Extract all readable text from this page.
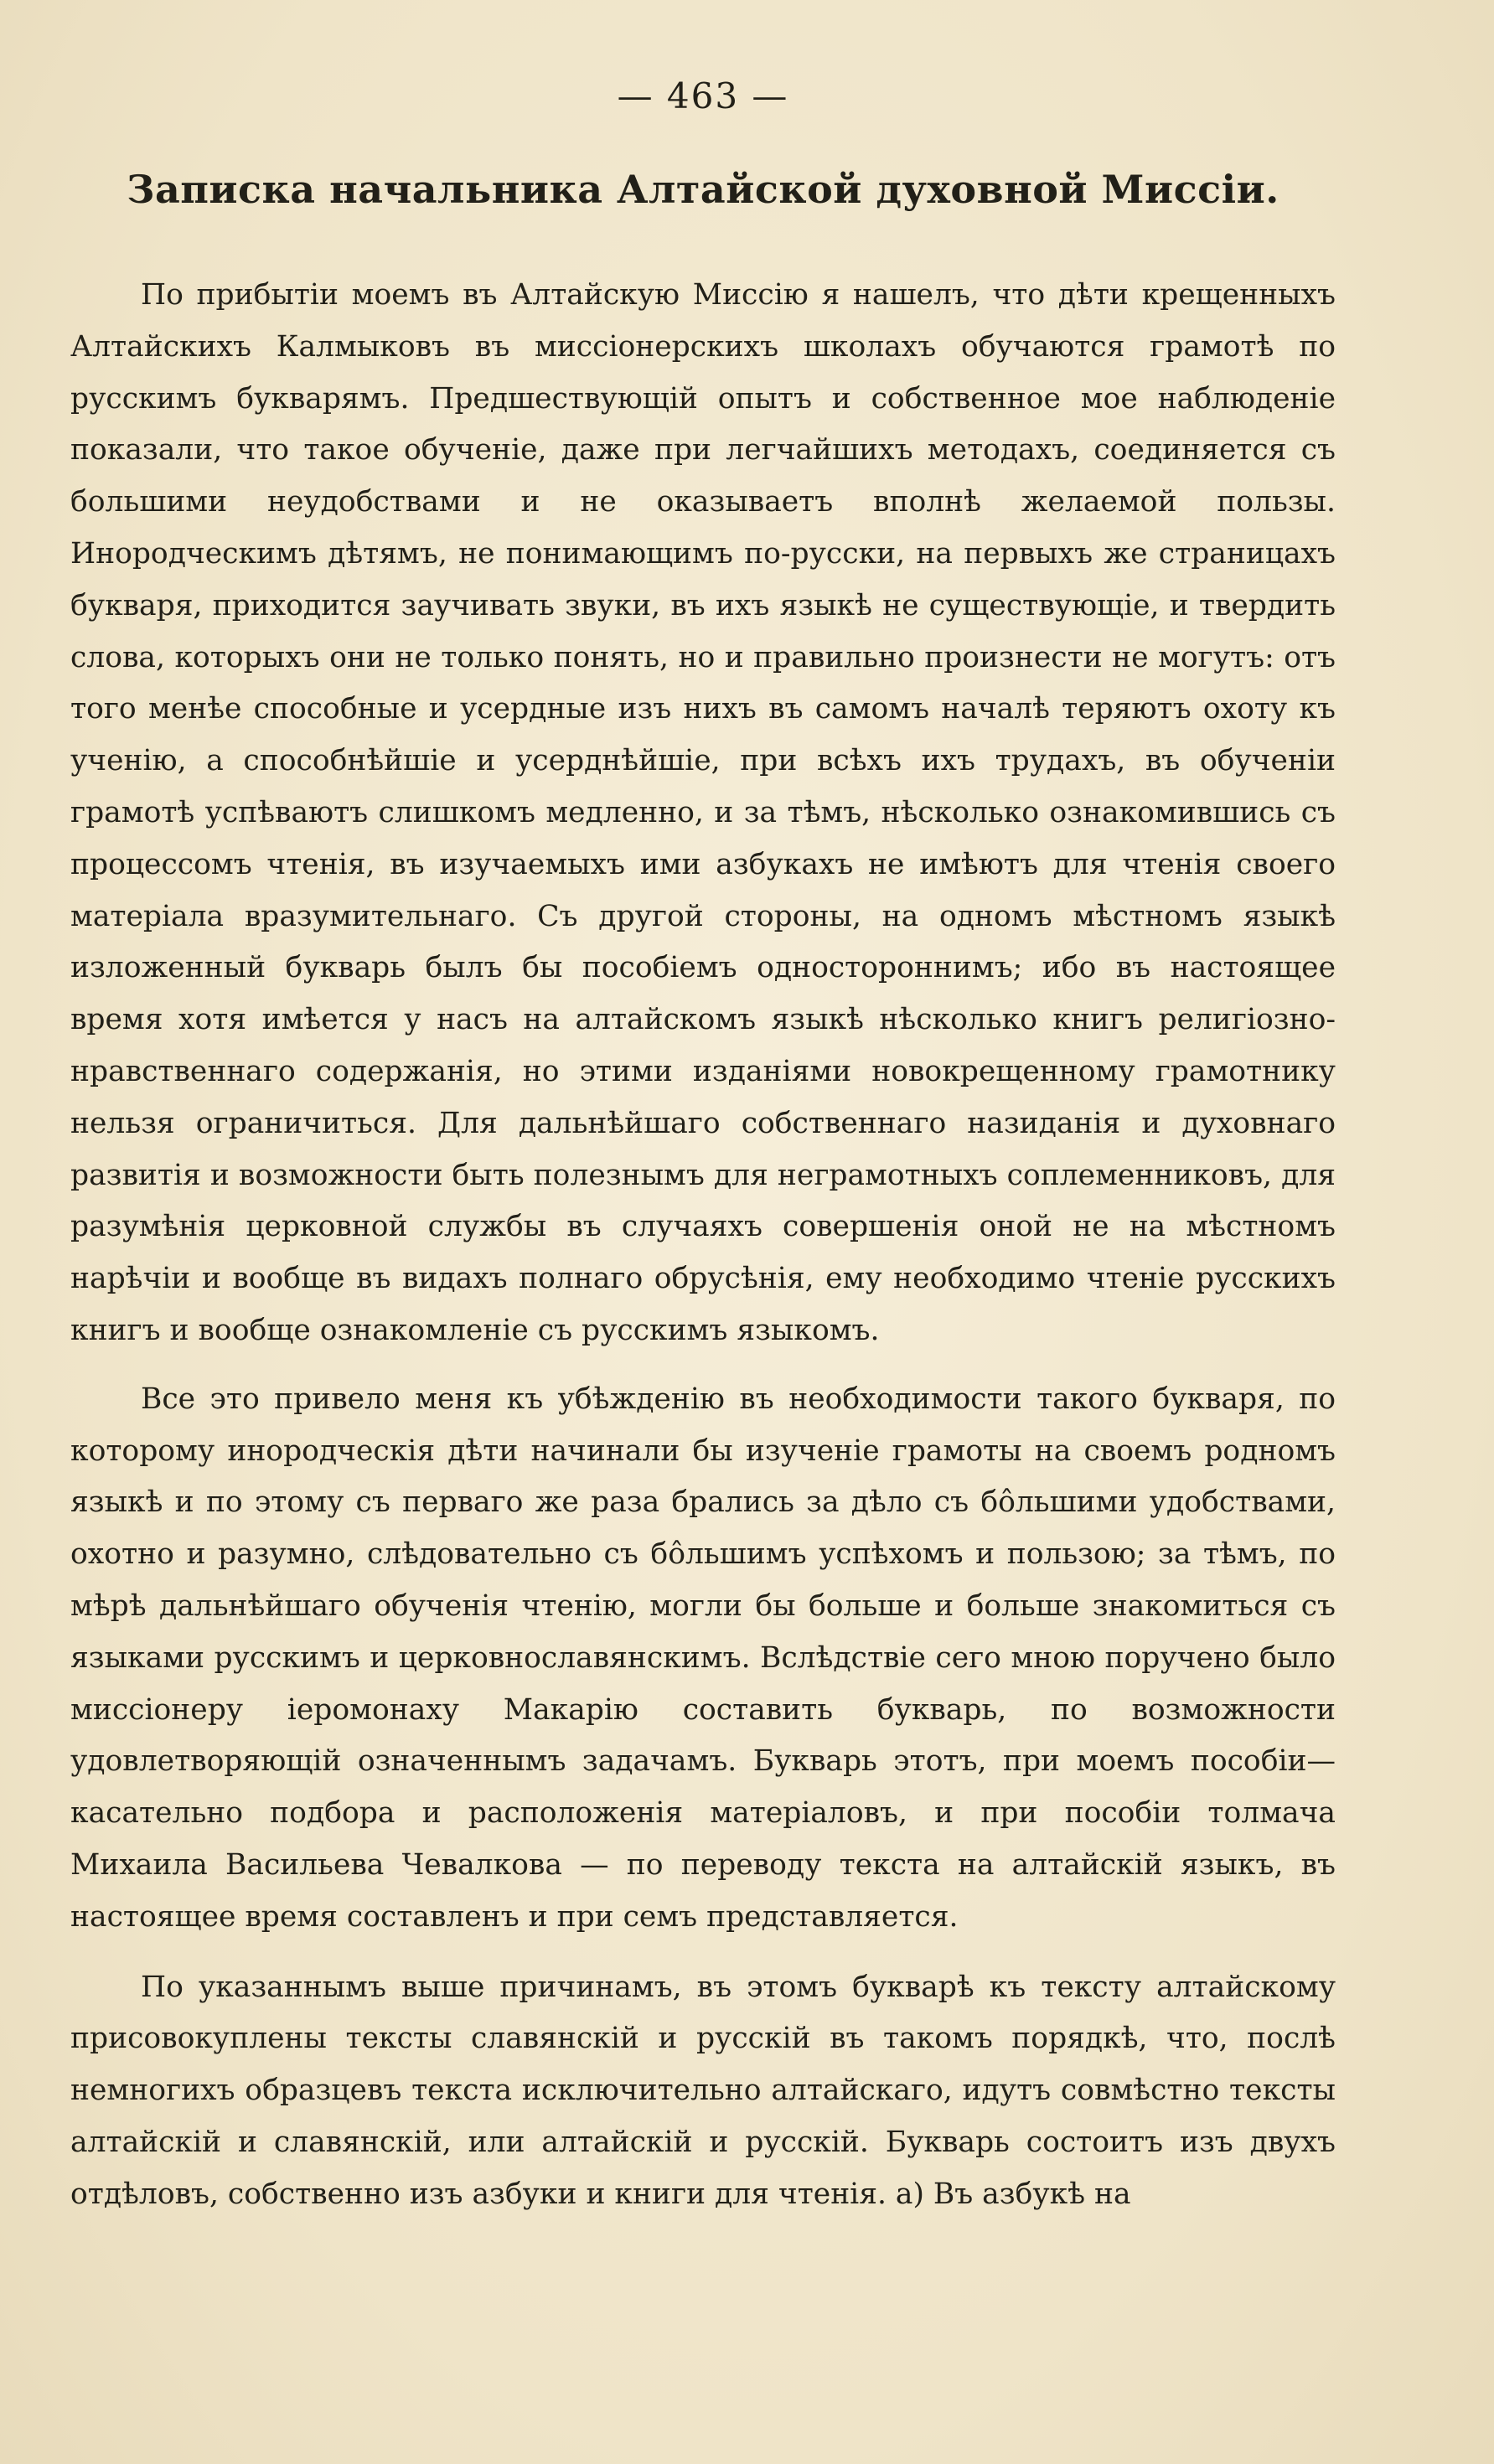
— 463 —
Записка начальника Алтайской духовной Миссіи.

По прибытіи моемъ въ Алтайскую Миссію я нашелъ, что дѣти крещенныхъ Алтайскихъ Калмыковъ въ миссіонерскихъ школахъ обучаются грамотѣ по русскимъ букварямъ. Предшествующій опытъ и собственное мое наблюденіе показали, что такое обученіе, даже при легчайшихъ методахъ, соединяется съ большими неудобствами и не оказываетъ вполнѣ желаемой пользы. Инородческимъ дѣтямъ, не понимающимъ по-русски, на первыхъ же страницахъ букваря, приходится заучивать звуки, въ ихъ языкѣ не существующіе, и твердить слова, которыхъ они не только понять, но и правильно произнести не могутъ: отъ того менѣе способные и усердные изъ нихъ въ самомъ началѣ теряютъ охоту къ ученію, а способнѣйшіе и усерднѣйшіе, при всѣхъ ихъ трудахъ, въ обученіи грамотѣ успѣваютъ слишкомъ медленно, и за тѣмъ, нѣсколько ознакомившись съ процессомъ чтенія, въ изучаемыхъ ими азбукахъ не имѣютъ для чтенія своего матеріала вразумительнаго. Съ другой стороны, на одномъ мѣстномъ языкѣ изложенный букварь былъ бы пособіемъ одностороннимъ; ибо въ настоящее время хотя имѣется у насъ на алтайскомъ языкѣ нѣсколько книгъ религіозно-нравственнаго содержанія, но этими изданіями новокрещенному грамотнику нельзя ограничиться. Для дальнѣйшаго собственнаго назиданія и духовнаго развитія и возможности быть полезнымъ для неграмотныхъ соплеменниковъ, для разумѣнія церковной службы въ случаяхъ совершенія оной не на мѣстномъ нарѣчіи и вообще въ видахъ полнаго обрусѣнія, ему необходимо чтеніе русскихъ книгъ и вообще ознакомленіе съ русскимъ языкомъ.

Все это привело меня къ убѣжденію въ необходимости такого букваря, по которому инородческія дѣти начинали бы изученіе грамоты на своемъ родномъ языкѣ и по этому съ перваго же раза брались за дѣло съ бо̂льшими удобствами, охотно и разумно, слѣдовательно съ бо̂льшимъ успѣхомъ и пользою; за тѣмъ, по мѣрѣ дальнѣйшаго обученія чтенію, могли бы больше и больше знакомиться съ языками русскимъ и церковнославянскимъ. Вслѣдствіе сего мною поручено было миссіонеру іеромонаху Макарію составить букварь, по возможности удовлетворяющій означеннымъ задачамъ. Букварь этотъ, при моемъ пособіи—касательно подбора и расположенія матеріаловъ, и при пособіи толмача Михаила Васильева Чевалкова — по переводу текста на алтайскій языкъ, въ настоящее время составленъ и при семъ представляется.

По указаннымъ выше причинамъ, въ этомъ букварѣ къ тексту алтайскому присовокуплены тексты славянскій и русскій въ такомъ порядкѣ, что, послѣ немногихъ образцевъ текста исключительно алтайскаго, идутъ совмѣстно тексты алтайскій и славянскій, или алтайскій и русскій. Букварь состоитъ изъ двухъ отдѣловъ, собственно изъ азбуки и книги для чтенія. а) Въ азбукѣ на
